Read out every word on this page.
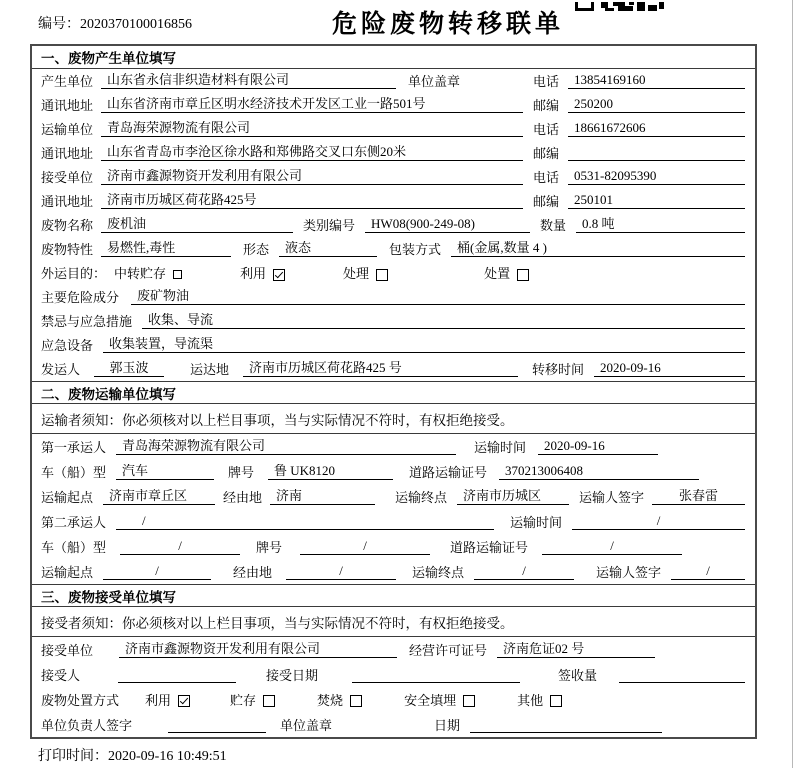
编号：2020370100016856	危险废物转移联单
一、废物产生单位填写
产生单位	山东省永信非织造材料有限公司	单位盖章	电话	13854169160
通讯地址	山东省济南市章丘区明水经济技术开发区工业一路501号	邮编	250200
运输单位	青岛海荣源物流有限公司	电话	18661672606
通讯地址	山东省青岛市李沧区徐水路和郑佛路交叉口东侧20米	邮编
接受单位	济南市鑫源物资开发利用有限公司	电话	0531-82095390
通讯地址	济南市历城区荷花路425号	邮编	250101
废物名称	废机油	类别编号	HW08(900-249-08)	数量	0.8 吨
废物特性	易燃性,毒性	形态	液态	包装方式	桶(金属,数量 4 )
外运目的： 中转贮存	利用	处理	处置
主要危险成分	废矿物油
禁忌与应急措施	收集、导流
应急设备	收集装置，导流渠
发运人	郭玉波	运达地	济南市历城区荷花路425 号	转移时间	2020-09-16
二、废物运输单位填写
运输者须知：你必须核对以上栏目事项，当与实际情况不符时，有权拒绝接受。
第一承运人	青岛海荣源物流有限公司	运输时间	2020-09-16
车（船）型	汽车	牌号	鲁 UK8120	道路运输证号	370213006408
运输起点	济南市章丘区	经由地	济南	运输终点	济南市历城区	运输人签字	张春雷
第二承运人	/	运输时间	/
车（船）型	/	牌号	/	道路运输证号	/
运输起点	/	经由地	/	运输终点	/	运输人签字	/
三、废物接受单位填写
接受者须知：你必须核对以上栏目事项，当与实际情况不符时，有权拒绝接受。
接受单位	济南市鑫源物资开发利用有限公司	经营许可证号	济南危证02 号
接受人	接受日期	签收量
废物处置方式 利用	贮存	焚烧	安全填埋	其他
单位负责人签字	单位盖章	日期
打印时间：2020-09-16 10:49:51
